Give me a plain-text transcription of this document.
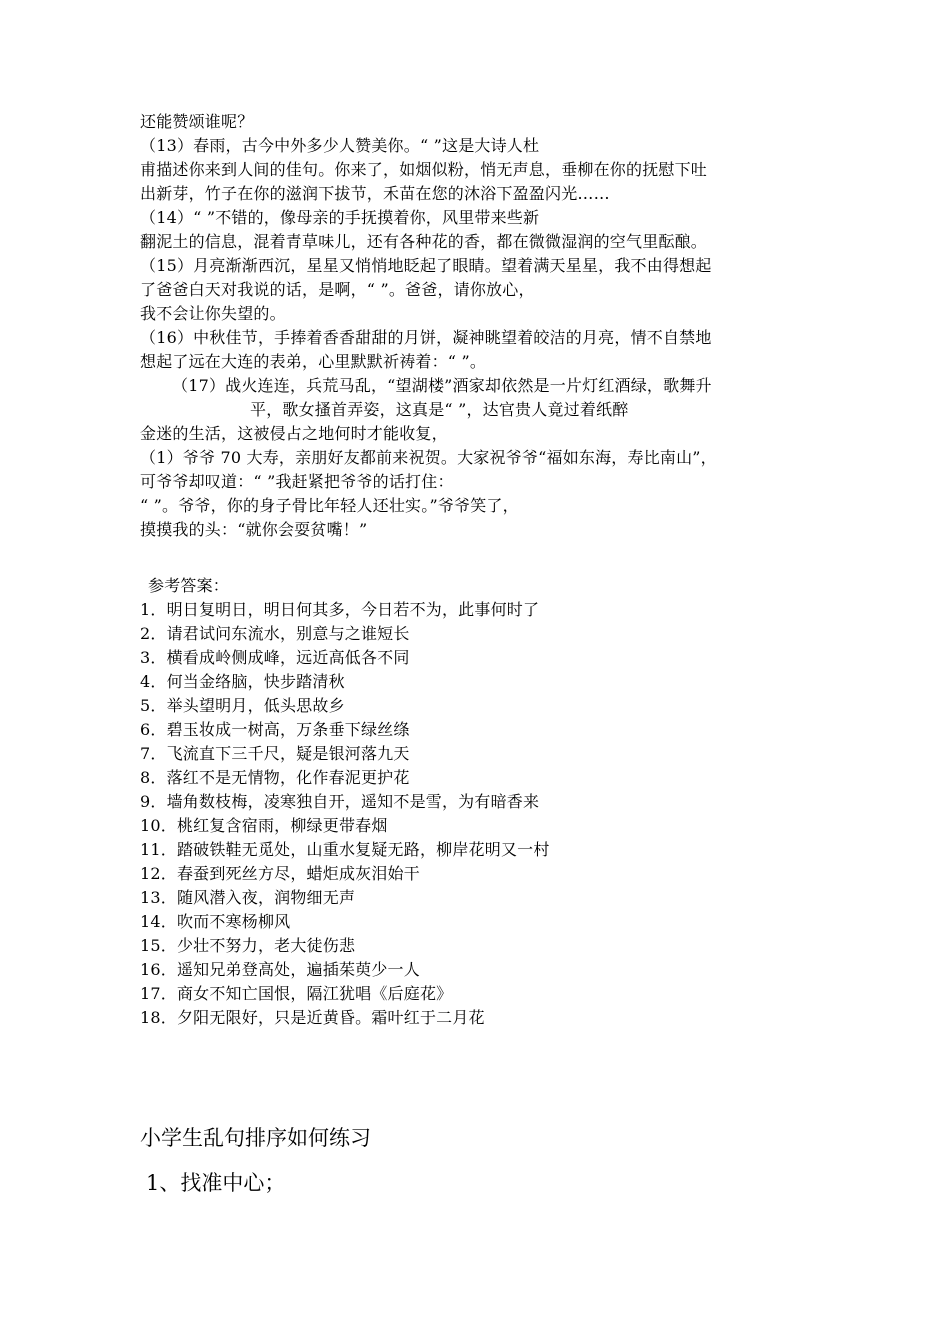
还能赞颂谁呢？
（13）春雨，古今中外多少人赞美你。“ ”这是大诗人杜
甫描述你来到人间的佳句。你来了，如烟似粉，悄无声息，垂柳在你的抚慰下吐
出新芽，竹子在你的滋润下拔节，禾苗在您的沐浴下盈盈闪光……
（14）“ ”不错的，像母亲的手抚摸着你，风里带来些新
翻泥土的信息，混着青草味儿，还有各种花的香，都在微微湿润的空气里酝酿。
（15）月亮渐渐西沉，星星又悄悄地眨起了眼睛。望着满天星星，我不由得想起
了爸爸白天对我说的话，是啊，“ ”。爸爸，请你放心，
我不会让你失望的。
（16）中秋佳节，手捧着香香甜甜的月饼，凝神眺望着皎洁的月亮，情不自禁地
想起了远在大连的表弟，心里默默祈祷着：“ ”。
（17）战火连连，兵荒马乱，“望湖楼”酒家却依然是一片灯红酒绿，歌舞升
平，歌女搔首弄姿，这真是“ ”，达官贵人竟过着纸醉
金迷的生活，这被侵占之地何时才能收复，
（1）爷爷 70 大寿，亲朋好友都前来祝贺。大家祝爷爷“福如东海，寿比南山”，
可爷爷却叹道：“ ”我赶紧把爷爷的话打住：
“ ”。爷爷，你的身子骨比年轻人还壮实。”爷爷笑了，
摸摸我的头：“就你会耍贫嘴！”
参考答案：
1．明日复明日，明日何其多，今日若不为，此事何时了
2．请君试问东流水，别意与之谁短长
3．横看成岭侧成峰，远近高低各不同
4．何当金络脑，快步踏清秋
5．举头望明月，低头思故乡
6．碧玉妆成一树高，万条垂下绿丝绦
7．飞流直下三千尺，疑是银河落九天
8．落红不是无情物，化作春泥更护花
9．墙角数枝梅，凌寒独自开，遥知不是雪，为有暗香来
10．桃红复含宿雨，柳绿更带春烟
11．踏破铁鞋无觅处，山重水复疑无路，柳岸花明又一村
12．春蚕到死丝方尽，蜡炬成灰泪始干
13．随风潜入夜，润物细无声
14．吹而不寒杨柳风
15．少壮不努力，老大徒伤悲
16．遥知兄弟登高处，遍插茱萸少一人
17．商女不知亡国恨，隔江犹唱《后庭花》
18．夕阳无限好，只是近黄昏。霜叶红于二月花
小学生乱句排序如何练习
1、找准中心；
